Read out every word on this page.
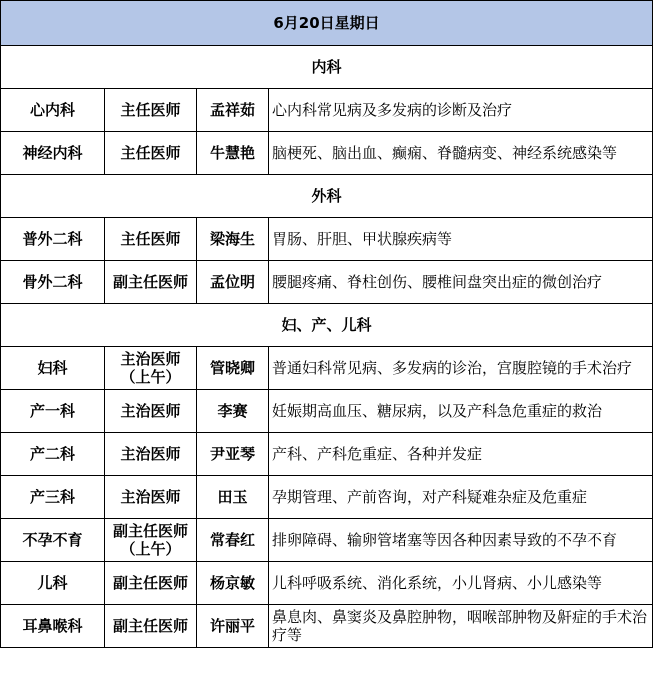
6月20日星期日			
内科			
心内科	主任医师	孟祥茹	心内科常见病及多发病的诊断及治疗
神经内科	主任医师	牛慧艳	脑梗死、脑出血、癫痫、脊髓病变、神经系统感染等
外科			
普外二科	主任医师	梁海生	胃肠、肝胆、甲状腺疾病等
骨外二科	副主任医师	孟位明	腰腿疼痛、脊柱创伤、腰椎间盘突出症的微创治疗
妇、产、儿科			
妇科	主治医师（上午）	管晓卿	普通妇科常见病、多发病的诊治，宫腹腔镜的手术治疗
产一科	主治医师	李赛	妊娠期高血压、糖尿病，以及产科急危重症的救治
产二科	主治医师	尹亚琴	产科、产科危重症、各种并发症
产三科	主治医师	田玉	孕期管理、产前咨询，对产科疑难杂症及危重症
不孕不育	副主任医师（上午）	常春红	排卵障碍、输卵管堵塞等因各种因素导致的不孕不育
儿科	副主任医师	杨京敏	儿科呼吸系统、消化系统，小儿肾病、小儿感染等
耳鼻喉科	副主任医师	许丽平	鼻息肉、鼻窦炎及鼻腔肿物，咽喉部肿物及鼾症的手术治疗等
